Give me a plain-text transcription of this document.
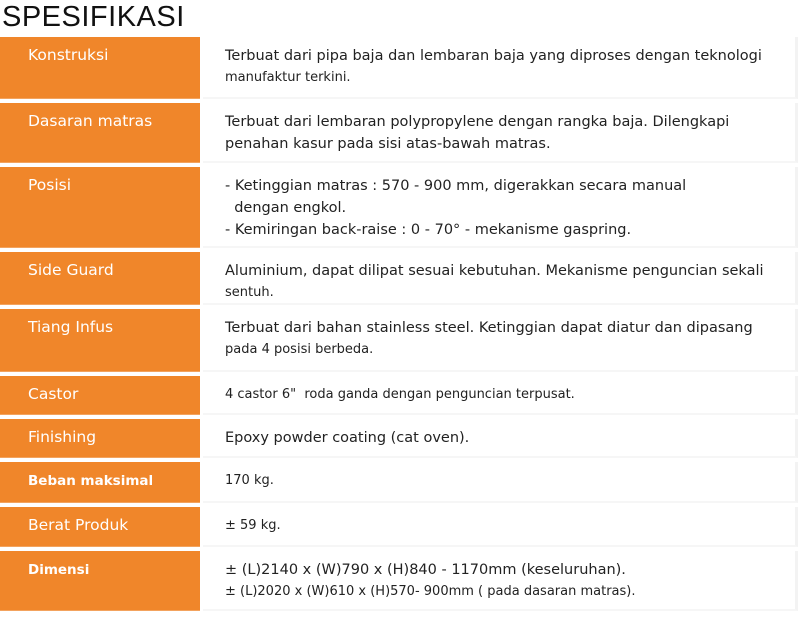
SPESIFIKASI
Konstruksi	Terbuat dari pipa baja dan lembaran baja yang diproses dengan teknologi
manufaktur terkini.
Dasaran matras	Terbuat dari lembaran polypropylene dengan rangka baja. Dilengkapi
penahan kasur pada sisi atas-bawah matras.
Posisi	- Ketinggian matras : 570 - 900 mm, digerakkan secara manual
dengan engkol.
- Kemiringan back-raise : 0 - 70° - mekanisme gaspring.
Side Guard	Aluminium, dapat dilipat sesuai kebutuhan. Mekanisme penguncian sekali
sentuh.
Tiang Infus	Terbuat dari bahan stainless steel. Ketinggian dapat diatur dan dipasang
pada 4 posisi berbeda.
Castor	4 castor 6"  roda ganda dengan penguncian terpusat.
Finishing	Epoxy powder coating (cat oven).
Beban maksimal	170 kg.
Berat Produk	± 59 kg.
Dimensi	± (L)2140 x (W)790 x (H)840 - 1170mm (keseluruhan).
± (L)2020 x (W)610 x (H)570- 900mm ( pada dasaran matras).
